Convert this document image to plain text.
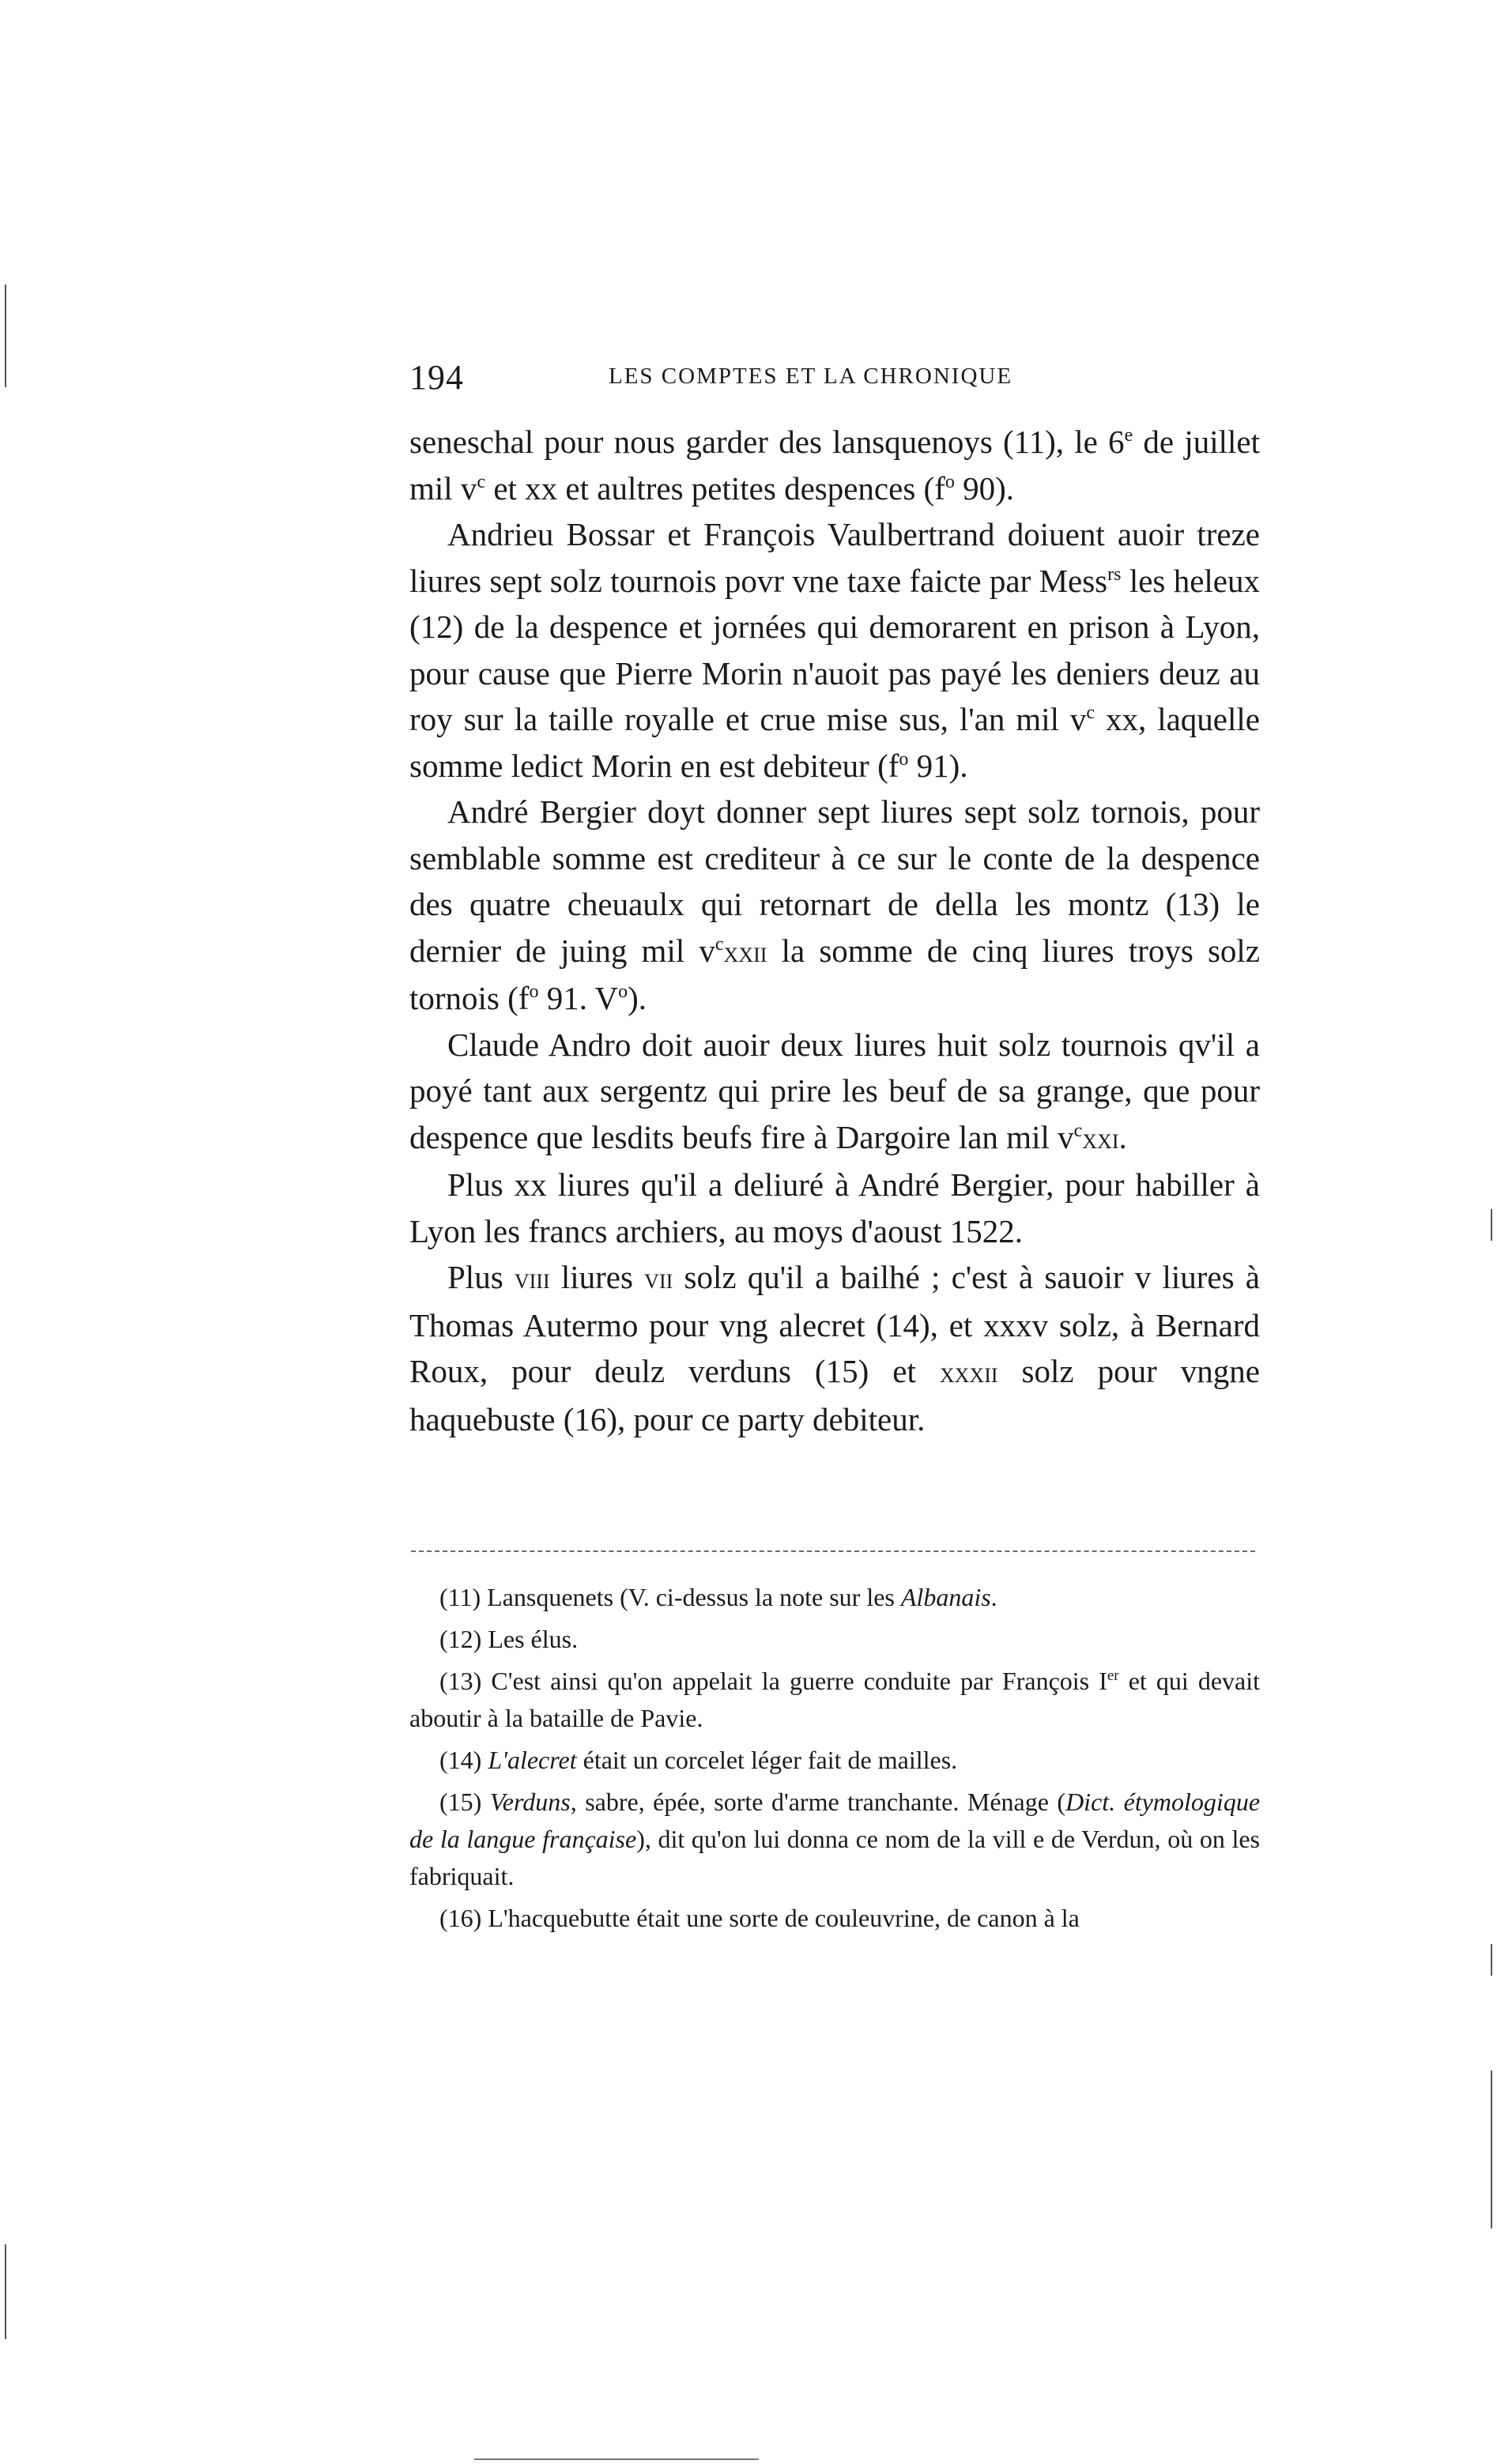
194	LES COMPTES ET LA CHRONIQUE

seneschal pour nous garder des lansquenoys (11), le 6e de juillet mil $v^c$ et xx et aultres petites despences ($f^o$ 90).

Andrieu Bossar et François Vaulbertrand doiuent auoir treze liures sept solz tournois povr vne taxe faicte par Mess$^{rs}$ les heleux (12) de la despence et jornées qui demorarent en prison à Lyon, pour cause que Pierre Morin n'auoit pas payé les deniers deuz au roy sur la taille royalle et crue mise sus, l'an mil $v^c$ xx, laquelle somme ledict Morin en est debiteur ($f^o$ 91).

André Bergier doyt donner sept liures sept solz tornois, pour semblable somme est crediteur à ce sur le conte de la despence des quatre cheuaulx qui retornart de della les montz (13) le dernier de juing mil $v^cxxii$ la somme de cinq liures troys solz tornois ($f^o$ 91. $V^o$).

Claude Andro doit auoir deux liures huit solz tournois qv'il a poyé tant aux sergentz qui prire les beuf de sa grange, que pour despence que lesdits beufs fire à Dargoire lan mil $v^cxxi$.

Plus xx liures qu'il a deliuré à André Bergier, pour habiller à Lyon les francs archiers, au moys d'aoust 1522.

Plus viii liures vii solz qu'il a bailhé ; c'est à sauoir v liures à Thomas Autermo pour vng alecret (14), et xxxv solz, à Bernard Roux, pour deulz verduns (15) et xxxii solz pour vngne haquebuste (16), pour ce party debiteur.

(11) Lansquenets (V. ci-dessus la note sur les Albanais.

(12) Les élus.

(13) C'est ainsi qu'on appelait la guerre conduite par François Ier et qui devait aboutir à la bataille de Pavie.

(14) L'alecret était un corcelet léger fait de mailles.

(15) Verduns, sabre, épée, sorte d'arme tranchante. Ménage (Dict. étymologique de la langue française), dit qu'on lui donna ce nom de la vill e de Verdun, où on les fabriquait.

(16) L'hacquebutte était une sorte de couleuvrine, de canon à la
